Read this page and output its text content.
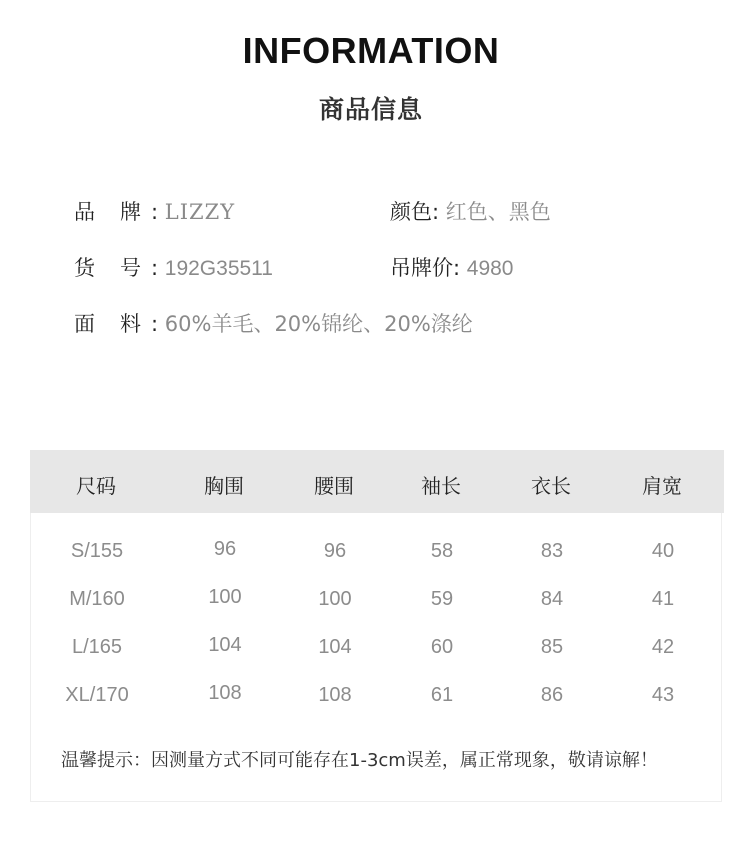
INFORMATION
商品信息
品 牌 : LIZZY	颜色: 红色、黑色
货 号 : 192G35511	吊牌价: 4980
面 料 : 60%羊毛、20%锦纶、20%涤纶
尺码	胸围	腰围	袖长	衣长	肩宽
S/155	96	96	58	83	40
M/160	100	100	59	84	41
L/165	104	104	60	85	42
XL/170	108	108	61	86	43
温馨提示：因测量方式不同可能存在1-3cm误差，属正常现象，敬请谅解！
